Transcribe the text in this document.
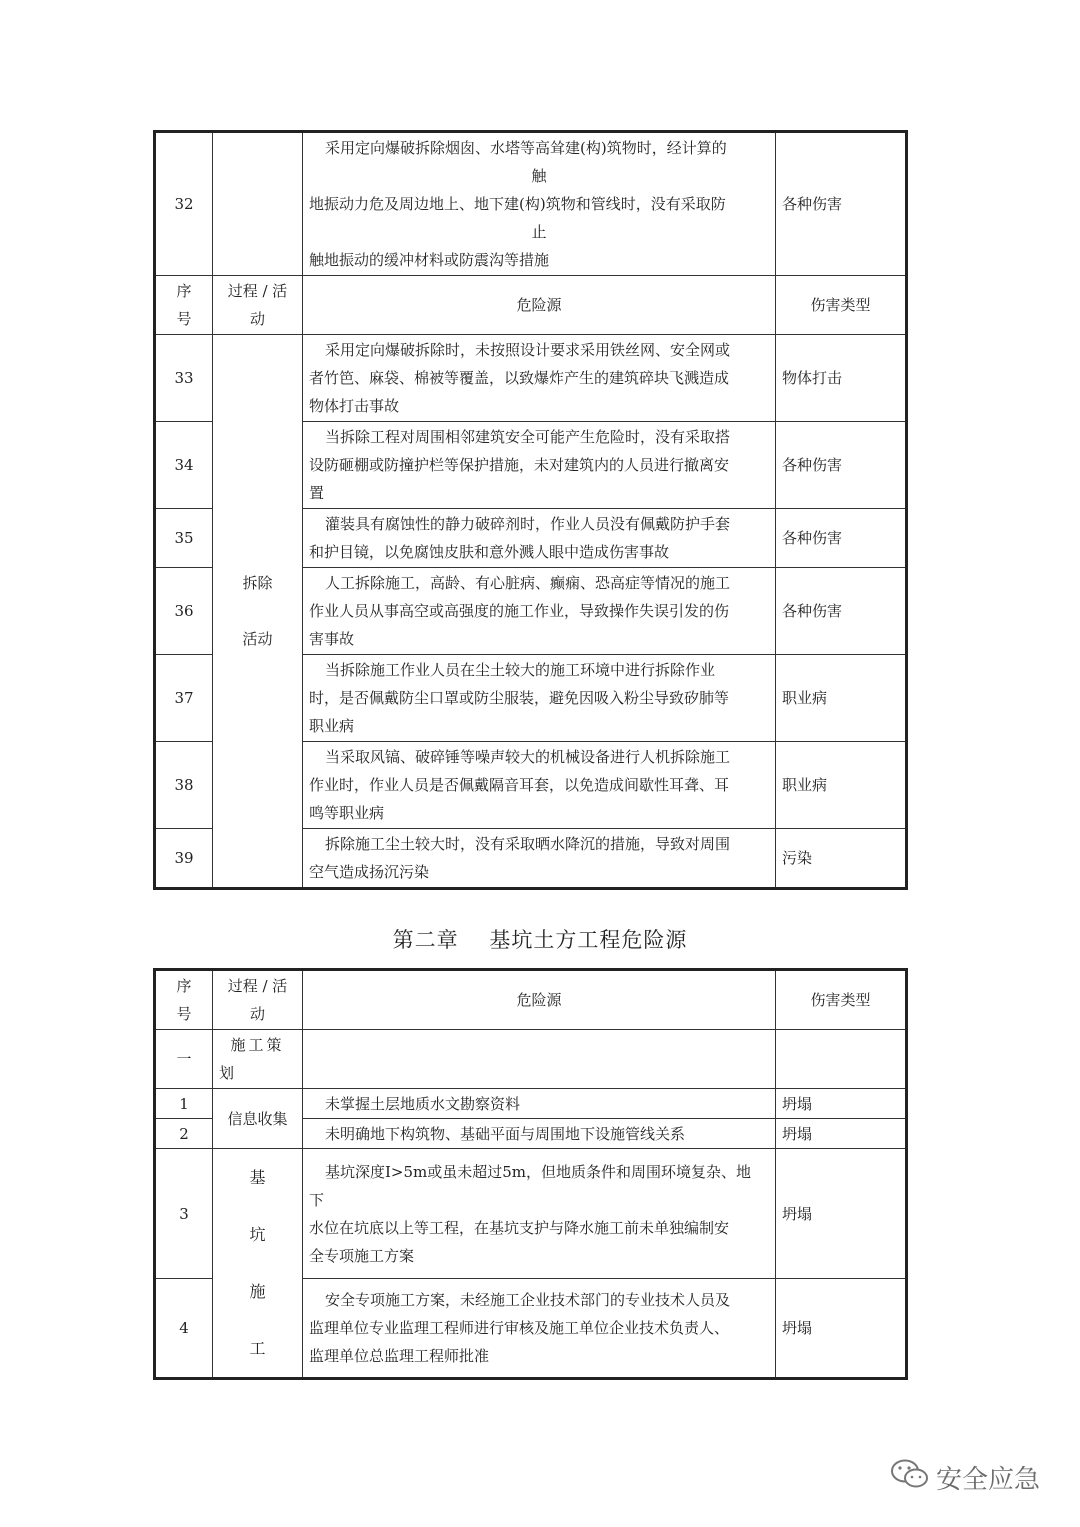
32		采用定向爆破拆除烟囱、水塔等高耸建(构)筑物时，经计算的
触
地振动力危及周边地上、地下建(构)筑物和管线时，没有采取防
止
触地振动的缓冲材料或防震沟等措施	各种伤害

序
号	过程 / 活
动	危险源	伤害类型
33	拆除
活动	采用定向爆破拆除时，未按照设计要求采用铁丝网、安全网或
者竹笆、麻袋、棉被等覆盖，以致爆炸产生的建筑碎块飞溅造成
物体打击事故	物体打击
34		当拆除工程对周围相邻建筑安全可能产生危险时，没有采取搭
设防砸棚或防撞护栏等保护措施，未对建筑内的人员进行撤离安
置	各种伤害
35		灌装具有腐蚀性的静力破碎剂时，作业人员没有佩戴防护手套
和护目镜，以免腐蚀皮肤和意外溅人眼中造成伤害事故	各种伤害
36		人工拆除施工，高龄、有心脏病、癫痫、恐高症等情况的施工
作业人员从事高空或高强度的施工作业，导致操作失误引发的伤
害事故	各种伤害
37		当拆除施工作业人员在尘土较大的施工环境中进行拆除作业
时，是否佩戴防尘口罩或防尘服装，避免因吸入粉尘导致矽肺等
职业病	职业病
38		当采取风镐、破碎锤等噪声较大的机械设备进行人机拆除施工
作业时，作业人员是否佩戴隔音耳套，以免造成间歇性耳聋、耳
鸣等职业病	职业病
39		拆除施工尘土较大时，没有采取晒水降沉的措施，导致对周围
空气造成扬沉污染	污染
第二章    基坑土方工程危险源
序
号	过程 / 活
动	危险源	伤害类型
一	施工策
划		

1	信息收集	未掌握土层地质水文勘察资料	坍塌
2		未明确地下构筑物、基础平面与周围地下设施管线关系	坍塌
3	基
坑
施
工	基坑深度I>5m或虽未超过5m，但地质条件和周围环境复杂、地
下
水位在坑底以上等工程，在基坑支护与降水施工前未单独编制安
全专项施工方案	坍塌
4		安全专项施工方案，未经施工企业技术部门的专业技术人员及
监理单位专业监理工程师进行审核及施工单位企业技术负责人、
监理单位总监理工程师批准	坍塌
安全应急
